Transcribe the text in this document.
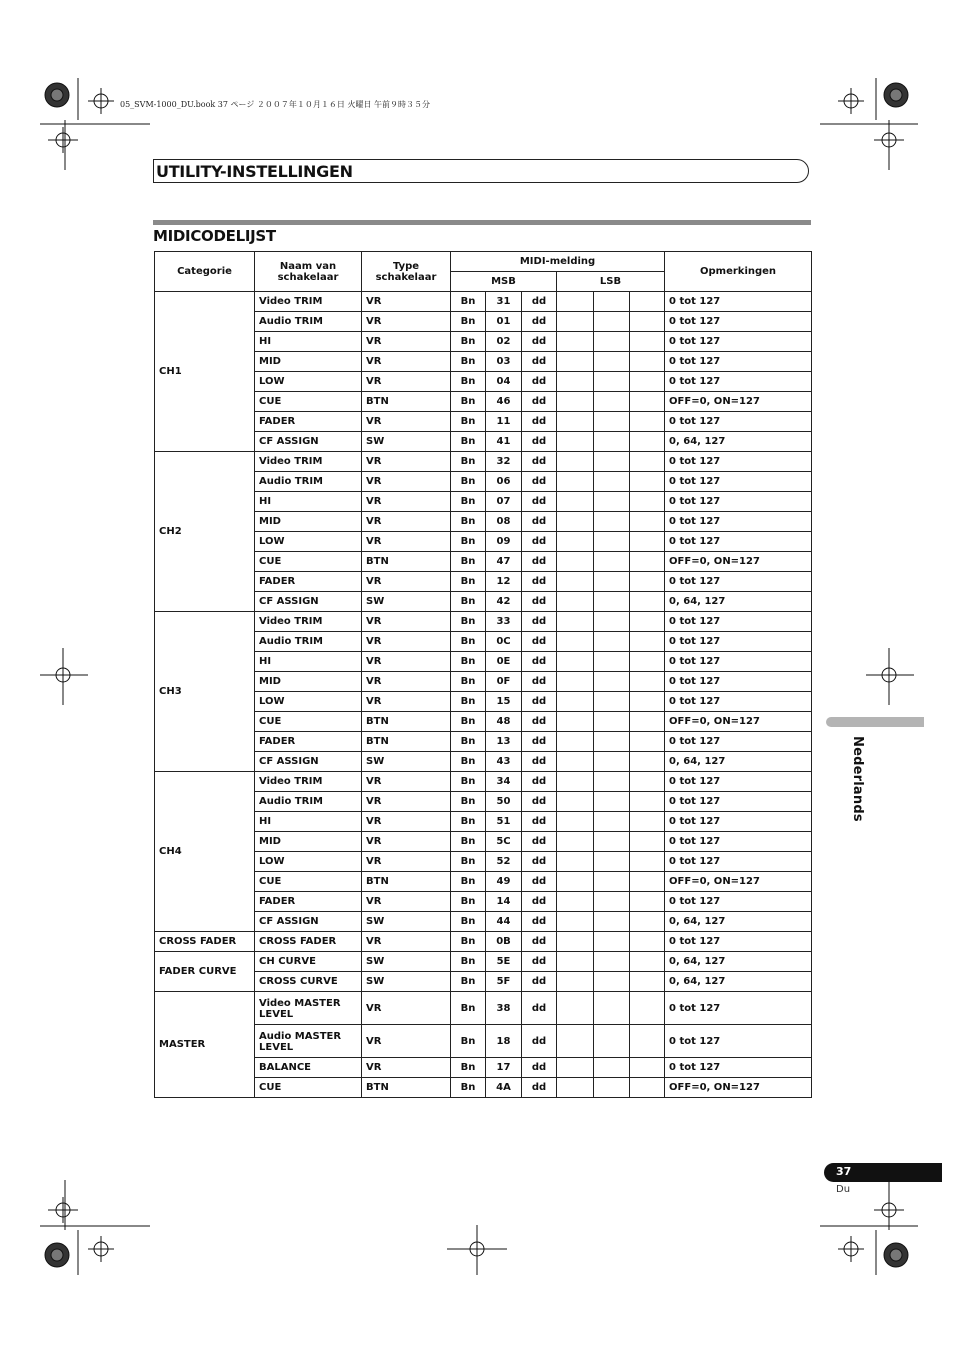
05_SVM-1000_DU.book 37 ページ ２００７年１０月１６日 火曜日 午前９時３５分
UTILITY-INSTELLINGEN
MIDICODELIJST
Categorie	Naam van schakelaar	Type schakelaar	MIDI-melding						Opmerkingen
			MSB			LSB			
CH1	Video TRIM	VR	Bn	31	dd				0 tot 127
	Audio TRIM	VR	Bn	01	dd				0 tot 127
	HI	VR	Bn	02	dd				0 tot 127
	MID	VR	Bn	03	dd				0 tot 127
	LOW	VR	Bn	04	dd				0 tot 127
	CUE	BTN	Bn	46	dd				OFF=0, ON=127
	FADER	VR	Bn	11	dd				0 tot 127
	CF ASSIGN	SW	Bn	41	dd				0, 64, 127
CH2	Video TRIM	VR	Bn	32	dd				0 tot 127
	Audio TRIM	VR	Bn	06	dd				0 tot 127
	HI	VR	Bn	07	dd				0 tot 127
	MID	VR	Bn	08	dd				0 tot 127
	LOW	VR	Bn	09	dd				0 tot 127
	CUE	BTN	Bn	47	dd				OFF=0, ON=127
	FADER	VR	Bn	12	dd				0 tot 127
	CF ASSIGN	SW	Bn	42	dd				0, 64, 127
CH3	Video TRIM	VR	Bn	33	dd				0 tot 127
	Audio TRIM	VR	Bn	0C	dd				0 tot 127
	HI	VR	Bn	0E	dd				0 tot 127
	MID	VR	Bn	0F	dd				0 tot 127
	LOW	VR	Bn	15	dd				0 tot 127
	CUE	BTN	Bn	48	dd				OFF=0, ON=127
	FADER	BTN	Bn	13	dd				0 tot 127
	CF ASSIGN	SW	Bn	43	dd				0, 64, 127
CH4	Video TRIM	VR	Bn	34	dd				0 tot 127
	Audio TRIM	VR	Bn	50	dd				0 tot 127
	HI	VR	Bn	51	dd				0 tot 127
	MID	VR	Bn	5C	dd				0 tot 127
	LOW	VR	Bn	52	dd				0 tot 127
	CUE	BTN	Bn	49	dd				OFF=0, ON=127
	FADER	VR	Bn	14	dd				0 tot 127
	CF ASSIGN	SW	Bn	44	dd				0, 64, 127
CROSS FADER	CROSS FADER	VR	Bn	0B	dd				0 tot 127
FADER CURVE	CH CURVE	SW	Bn	5E	dd				0, 64, 127
	CROSS CURVE	SW	Bn	5F	dd				0, 64, 127
MASTER	Video MASTER LEVEL	VR	Bn	38	dd				0 tot 127
	Audio MASTER LEVEL	VR	Bn	18	dd				0 tot 127
	BALANCE	VR	Bn	17	dd				0 tot 127
	CUE	BTN	Bn	4A	dd				OFF=0, ON=127
Nederlands
37
Du
